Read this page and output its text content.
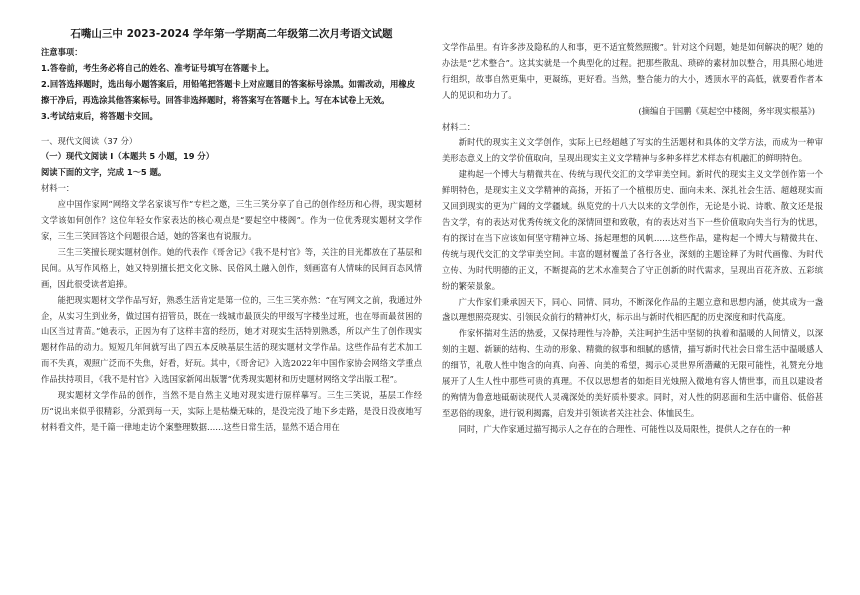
石嘴山三中 2023-2024 学年第一学期高二年级第二次月考语文试题
注意事项：
1.答卷前，考生务必将自己的姓名、准考证号填写在答题卡上。
2.回答选择题时，选出每小题答案后，用铅笔把答题卡上对应题目的答案标号涂黑。如需改动，用橡皮擦干净后，再选涂其他答案标号。回答非选择题时，将答案写在答题卡上。写在本试卷上无效。
3.考试结束后，将答题卡交回。
一、现代文阅读（37 分）
（一）现代文阅读 I（本题共 5 小题，19 分）
阅读下面的文字，完成 1～5 题。
材料一：

应中国作家网“网络文学名家谈写作”专栏之邀，三生三笑分享了自己的创作经历和心得，现实题材文学该如何创作？这位年轻女作家表达的核心观点是“要起空中楼阁”。作为一位优秀现实题材文学作家，三生三笑回答这个问题很合适，她的答案也有说服力。

三生三笑擅长现实题材创作。她的代表作《哥舍记》《我不是村官》等，关注的目光都放在了基层和民间。从写作风格上，她又特别擅长把文化文脉、民俗风土融入创作，刻画富有人情味的民间百态风情画，因此很受读者追捧。

能把现实题材文学作品写好，熟悉生活肯定是第一位的，三生三笑亦然：“在写网文之前，我通过外企，从实习生到业务，做过国有招管员，既在一线城市最顶尖的甲级写字楼坐过班，也在辱而最贫困的山区当过青苗。”她表示，正因为有了这样丰富的经历，她才对现实生活特别熟悉，所以产生了创作现实题材作品的动力。短短几年间就写出了四五本反映基层生活的现实题材文学作品。这些作品有艺术加工而不失真，观照广泛而不失焦，好看，好玩。其中，《哥舍记》入选2022年中国作家协会网络文学重点作品扶持项目，《我不是村官》入选国家新闻出版署“优秀现实题材和历史题材网络文学出版工程”。

现实题材文学作品的创作，当然不是自然主义地对现实进行原样摹写。三生三笑说，基层工作经历“说出来似乎很精彩，分派到每一天，实际上是枯燥无味的，是没完没了地下乡走路，是没日没夜地写材料看文件，是千篇一律地走访个案整理数据……这些日常生活，显然不适合用在

文学作品里。有许多涉及隐私的人和事，更不适宜赘然照搬”。针对这个问题，她是如何解决的呢？她的办法是“艺术整合”。这其实就是一个典型化的过程。把那些散乱、琐碎的素材加以整合，用具照心地进行组织，故事自然更集中，更凝练，更好看。当然，整合能力的大小，透顶水平的高低，就要看作者本人的见识和功力了。

(摘编自于国鹏《莫起空中楼阁，务牢现实根基》)
材料二：

新时代的现实主义文学创作，实际上已经超越了写实的生活题材和具体的文学方法，而成为一种审美形态意义上的文学价值取向，呈现出现实主义文学精神与多种多样艺术样态有机融汇的鲜明特色。

建构起一个博大与精微共在、传统与现代交汇的文学审美空间。新时代的现实主义文学创作第一个鲜明特色，是现实主义文学精神的高扬，开拓了一个植根历史、面向未来、深扎社会生活、超越现实而又回到现实的更为广阔的文学疆域。纵览党的十八大以来的文学创作，无论是小说、诗歌、散文还是报告文学，有的表达对优秀传统文化的深情回望和致敬，有的表达对当下一些价值取向失当行为的忧思，有的探讨在当下应该如何坚守精神立场、扬起理想的风帆……这些作品，建构起一个博大与精微共在、传统与现代交汇的文学审美空间。丰富的题材覆盖了各行各业，深刻的主题诠释了为时代画像、为时代立传、为时代明德的正义，不断提高的艺术水准契合了守正创新的时代需求，呈现出百花齐放、五彩缤纷的繁荣景象。

广大作家们秉承因天下，同心、同情、同功，不断深化作品的主题立意和思想内涵，使其成为一盏盏以理想照亮现实、引领民众前行的精神灯火，标示出与新时代相匹配的历史深度和时代高度。

作家怀揣对生活的热爱，又保持理性与冷静，关注呵护生活中坚韧的执着和温暖的人间情义，以深刻的主题、新颖的结构、生动的形象、精微的叙事和细腻的感情，描写新时代社会日常生活中温暖感人的细节，礼敬人性中饱含的向真、向善、向美的希望，揭示心灵世界所潜藏的无限可能性，礼赞充分地展开了人生人性中那些可贵的真理。不仅以思想者的如炬目光烛照入微地有容人情世事，而且以建设者的殉情为鲁意地砥砺读现代人灵魂深处的美好质朴要求。同时，对人性的阴恶面和生活中庸俗、低俗甚至恶俗的现象，进行锐利揭露，启发并引领读者关注社会、体恤民生。

同时，广大作家通过描写揭示人之存在的合理性、可能性以及局限性，提供人之存在的一种
